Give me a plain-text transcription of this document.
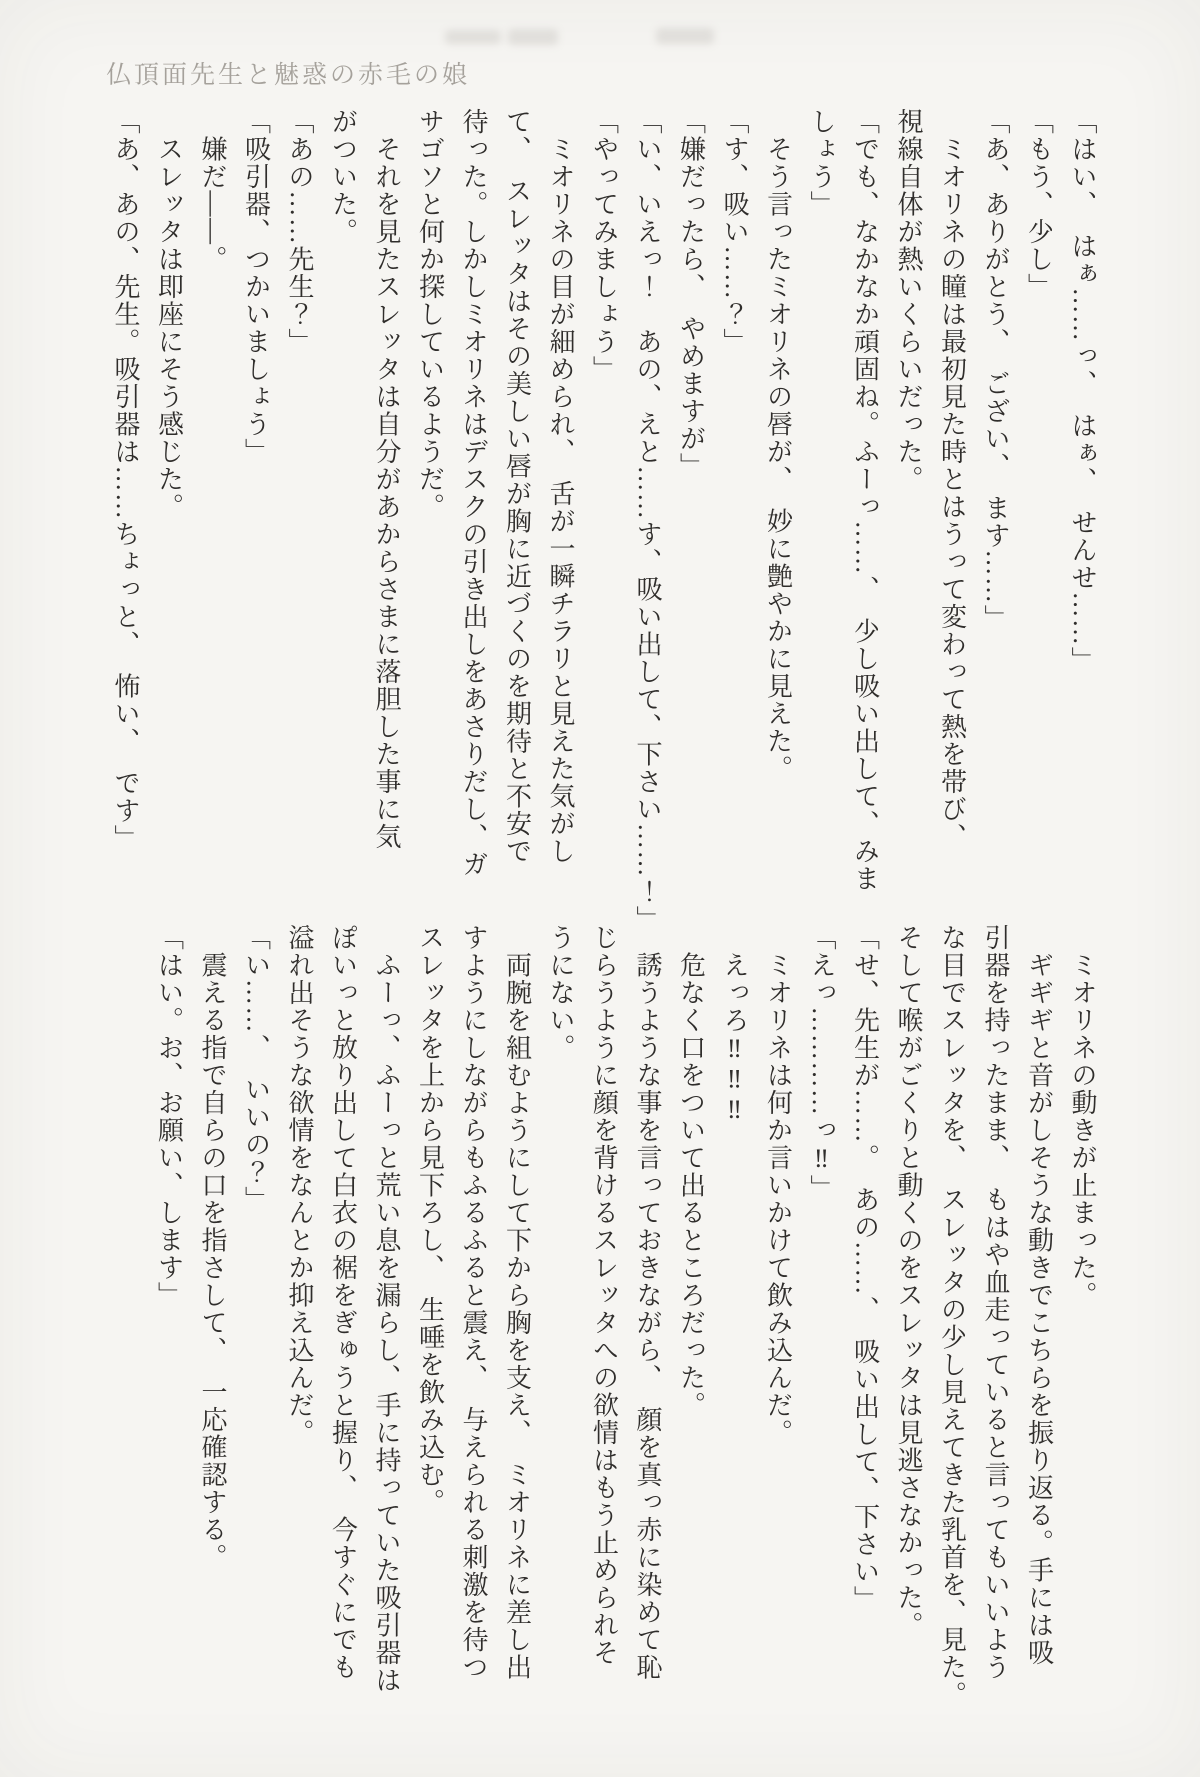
仏頂面先生と魅惑の赤毛の娘
「はい、　はぁ……っ、　はぁ、　せんせ……」
「もう、少し」
「あ、ありがとう、　ござい、　ます……」
　ミオリネの瞳は最初見た時とはうって変わって熱を帯び、
視線自体が熱いくらいだった。
「でも、なかなか頑固ね。ふーっ……、　少し吸い出して、みま
しょう」
　そう言ったミオリネの唇が、　妙に艶やかに見えた。
「す、吸い……？」
「嫌だったら、　やめますが」
「い、いえっ！　あの、えと……す、吸い出して、下さい……！」
「やってみましょう」
　ミオリネの目が細められ、　舌が一瞬チラリと見えた気がし
て、　スレッタはその美しい唇が胸に近づくのを期待と不安で
待った。しかしミオリネはデスクの引き出しをあさりだし、ガ
サゴソと何か探しているようだ。
　それを見たスレッタは自分があからさまに落胆した事に気
がついた。
「あの……先生？」
「吸引器、つかいましょう」
　嫌だ――。
　スレッタは即座にそう感じた。
「あ、あの、先生。吸引器は……ちょっと、　怖い、　です」
　ミオリネの動きが止まった。
　ギギギと音がしそうな動きでこちらを振り返る。手には吸
引器を持ったまま、　もはや血走っていると言ってもいいよう
な目でスレッタを、　スレッタの少し見えてきた乳首を、見た。
そして喉がごくりと動くのをスレッタは見逃さなかった。
「せ、先生が……。　あの……、　吸い出して、下さい」
「えっ…………っ‼」
　ミオリネは何か言いかけて飲み込んだ。
　えっろ‼‼‼
　危なく口をついて出るところだった。
　誘うような事を言っておきながら、　顔を真っ赤に染めて恥
じらうように顔を背けるスレッタへの欲情はもう止められそ
うにない。
　両腕を組むようにして下から胸を支え、　ミオリネに差し出
すようにしながらもふるふると震え、　与えられる刺激を待つ
スレッタを上から見下ろし、　生唾を飲み込む。
　ふーっ、ふーっと荒い息を漏らし、手に持っていた吸引器は
ぽいっと放り出して白衣の裾をぎゅうと握り、　今すぐにでも
溢れ出そうな欲情をなんとか抑え込んだ。
「い……、　いいの？」
　震える指で自らの口を指さして、　一応確認する。
「はい。お、お願い、します」
